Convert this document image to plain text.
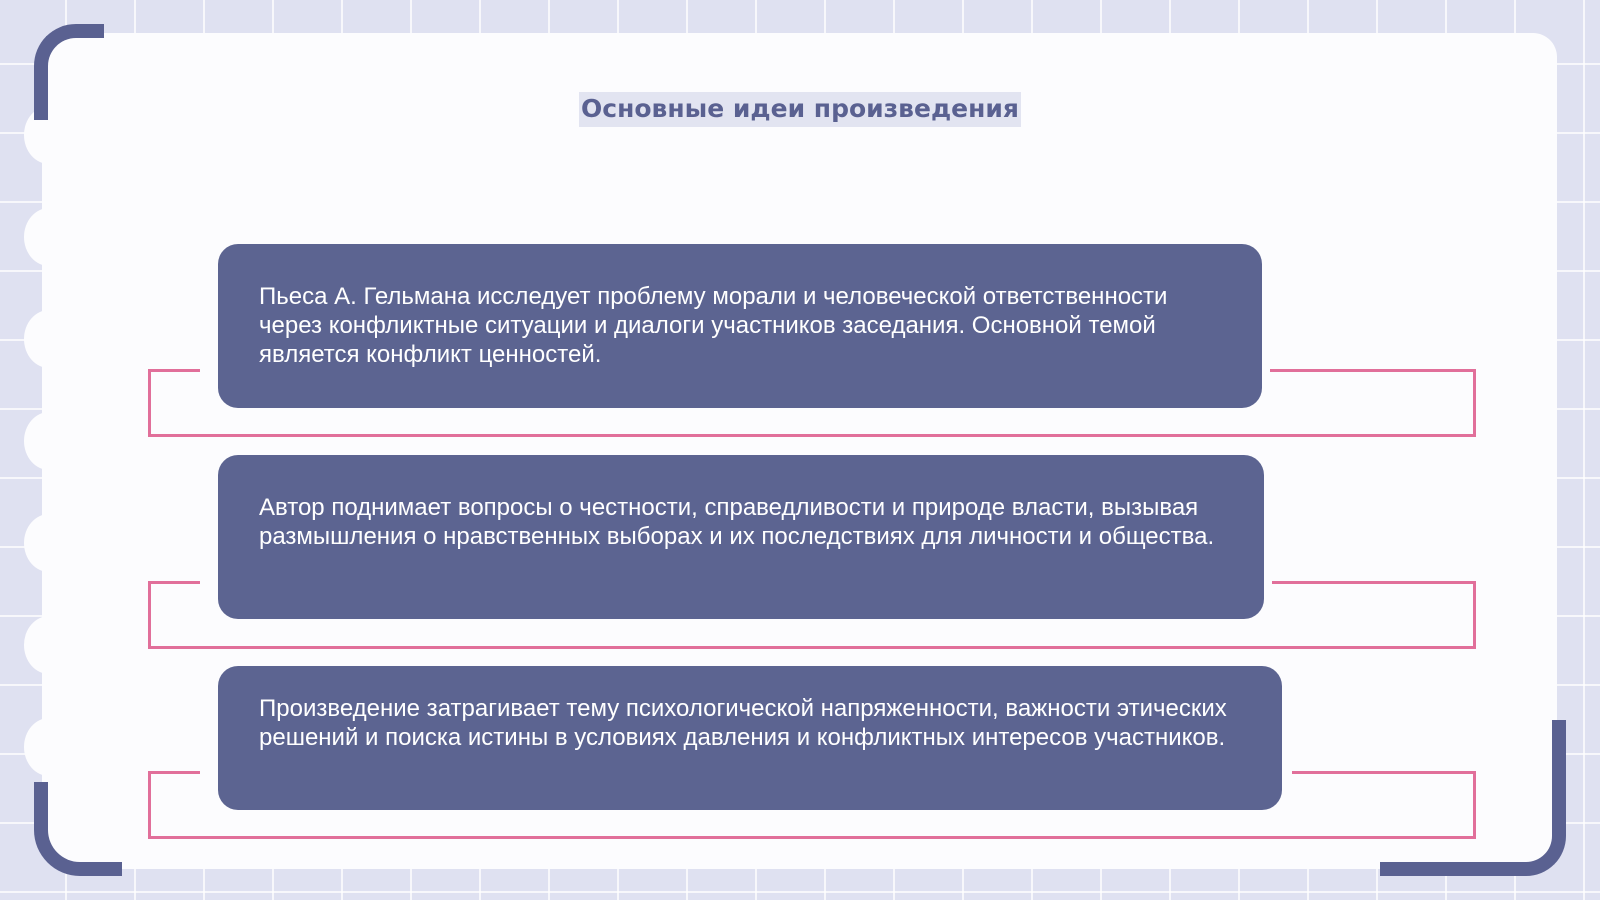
Основные идеи произведения

Пьеса А. Гельмана исследует проблему морали и человеческой ответственности через конфликтные ситуации и диалоги участников заседания. Основной темой является конфликт ценностей.

Автор поднимает вопросы о честности, справедливости и природе власти, вызывая размышления о нравственных выборах и их последствиях для личности и общества.

Произведение затрагивает тему психологической напряженности, важности этических решений и поиска истины в условиях давления и конфликтных интересов участников.
